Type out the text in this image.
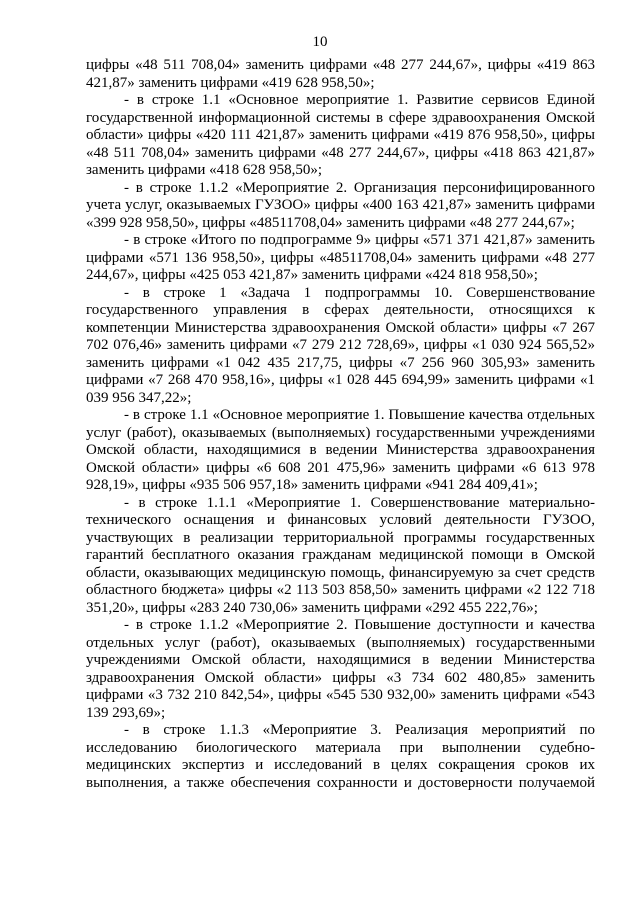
10

цифры «48 511 708,04» заменить цифрами «48 277 244,67», цифры «419 863 421,87» заменить цифрами «419 628 958,50»;

- в строке 1.1 «Основное мероприятие 1. Развитие сервисов Единой государственной информационной системы в сфере здравоохранения Омской области» цифры «420 111 421,87» заменить цифрами «419 876 958,50», цифры «48 511 708,04» заменить цифрами «48 277 244,67», цифры «418 863 421,87» заменить цифрами «418 628 958,50»;

- в строке 1.1.2 «Мероприятие 2. Организация персонифицированного учета услуг, оказываемых ГУЗОО» цифры «400 163 421,87» заменить цифрами «399 928 958,50», цифры «48511708,04» заменить цифрами «48 277 244,67»;

- в строке «Итого по подпрограмме 9» цифры «571 371 421,87» заменить цифрами «571 136 958,50», цифры «48511708,04» заменить цифрами «48 277 244,67», цифры «425 053 421,87» заменить цифрами «424 818 958,50»;

- в строке 1 «Задача 1 подпрограммы 10. Совершенствование государственного управления в сферах деятельности, относящихся к компетенции Министерства здравоохранения Омской области» цифры «7 267 702 076,46» заменить цифрами «7 279 212 728,69», цифры «1 030 924 565,52» заменить цифрами «1 042 435 217,75, цифры «7 256 960 305,93» заменить цифрами «7 268 470 958,16», цифры «1 028 445 694,99» заменить цифрами «1 039 956 347,22»;

- в строке 1.1 «Основное мероприятие 1. Повышение качества отдельных услуг (работ), оказываемых (выполняемых) государственными учреждениями Омской области, находящимися в ведении Министерства здравоохранения Омской области» цифры «6 608 201 475,96» заменить цифрами «6 613 978 928,19», цифры «935 506 957,18» заменить цифрами «941 284 409,41»;

- в строке 1.1.1 «Мероприятие 1. Совершенствование материально-технического оснащения и финансовых условий деятельности ГУЗОО, участвующих в реализации территориальной программы государственных гарантий бесплатного оказания гражданам медицинской помощи в Омской области, оказывающих медицинскую помощь, финансируемую за счет средств областного бюджета» цифры «2 113 503 858,50» заменить цифрами «2 122 718 351,20», цифры «283 240 730,06» заменить цифрами «292 455 222,76»;

- в строке 1.1.2 «Мероприятие 2. Повышение доступности и качества отдельных услуг (работ), оказываемых (выполняемых) государственными учреждениями Омской области, находящимися в ведении Министерства здравоохранения Омской области» цифры «3 734 602 480,85» заменить цифрами «3 732 210 842,54», цифры «545 530 932,00» заменить цифрами «543 139 293,69»;

- в строке 1.1.3 «Мероприятие 3. Реализация мероприятий по исследованию биологического материала при выполнении судебно-медицинских экспертиз и исследований в целях сокращения сроков их выполнения, а также обеспечения сохранности и достоверности получаемой
